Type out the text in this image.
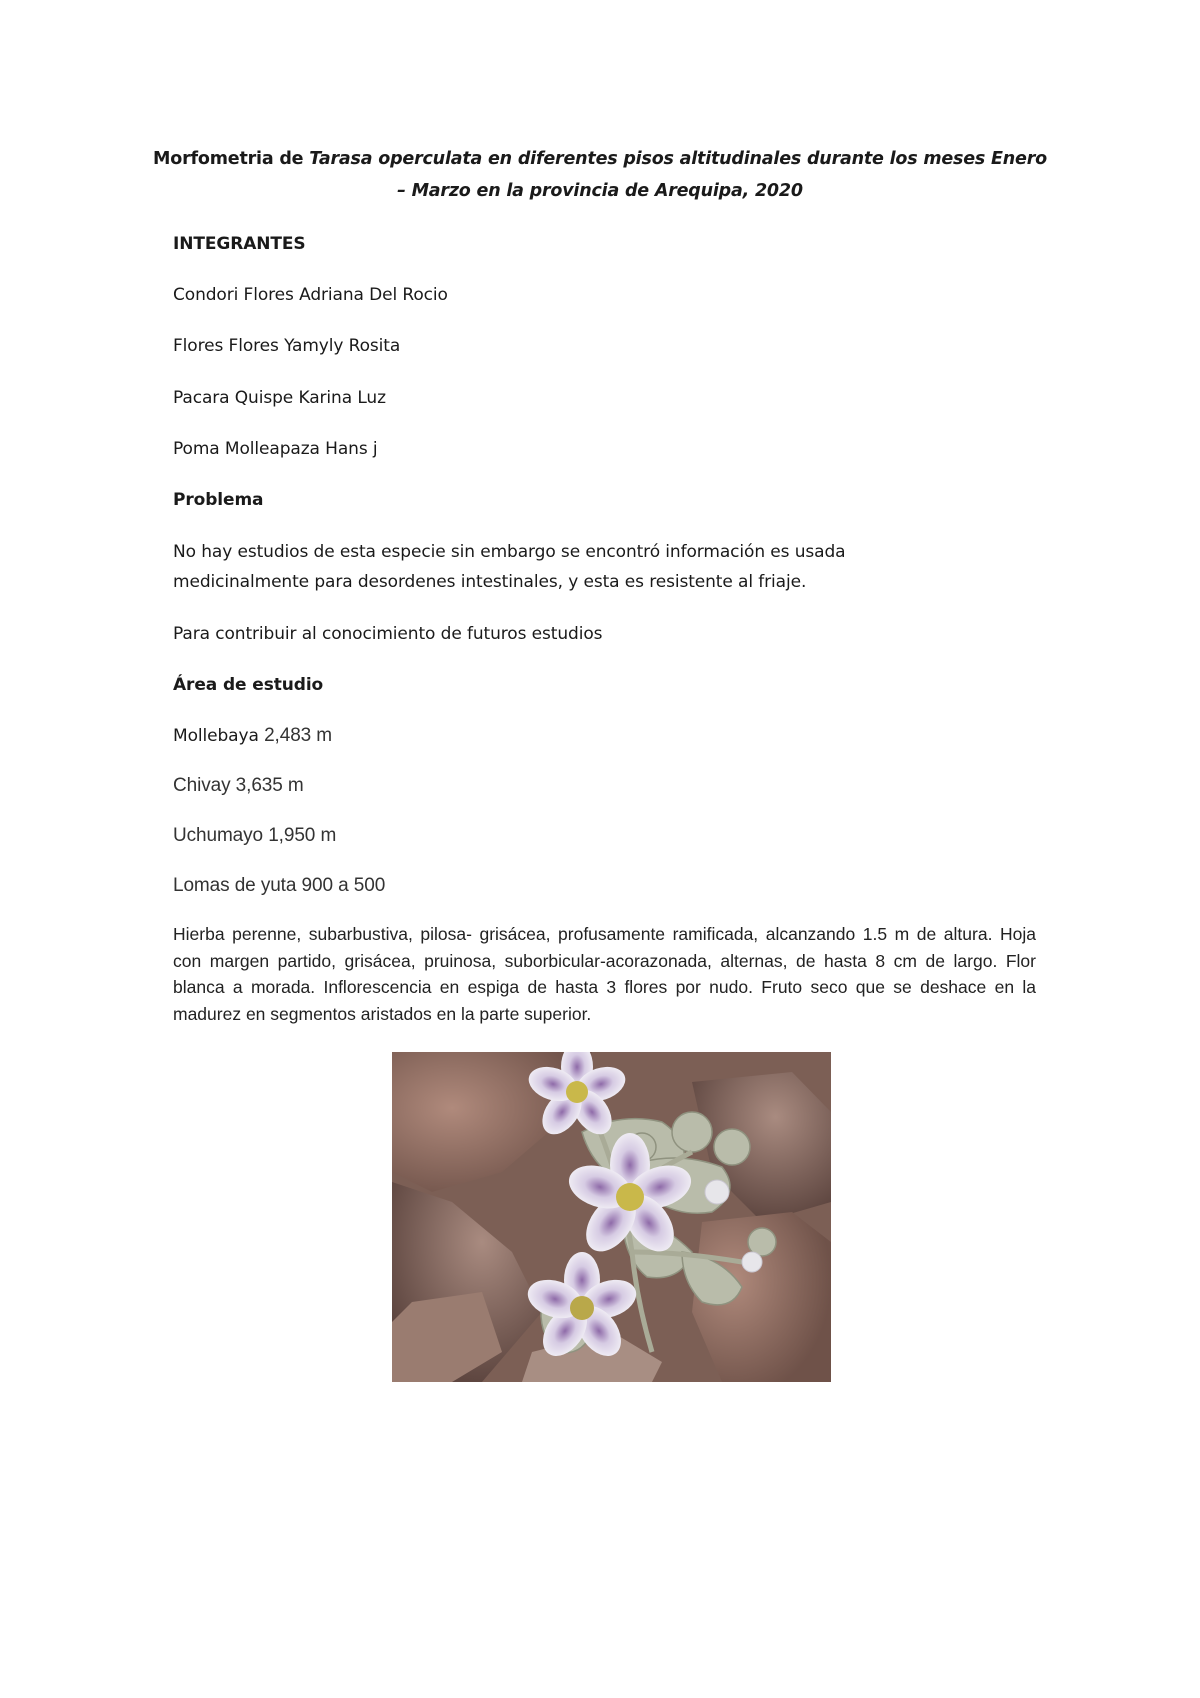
Morfometria de Tarasa operculata en diferentes pisos altitudinales durante los meses Enero
– Marzo en la provincia de Arequipa, 2020

INTEGRANTES

Condori Flores Adriana Del Rocio

Flores Flores Yamyly Rosita

Pacara Quispe Karina Luz

Poma Molleapaza Hans j

Problema

No hay estudios de esta especie sin embargo se encontró información es usada

medicinalmente para desordenes intestinales, y esta es resistente al friaje.

Para contribuir al conocimiento de futuros estudios

Área de estudio

Mollebaya 2,483 m

Chivay 3,635 m

Uchumayo 1,950 m

Lomas de yuta 900 a 500

Hierba perenne, subarbustiva, pilosa- grisácea, profusamente ramificada, alcanzando 1.5 m de altura. Hoja con margen partido, grisácea, pruinosa, suborbicular-acorazonada, alternas, de hasta 8 cm de largo. Flor blanca a morada. Inflorescencia en espiga de hasta 3 flores por nudo. Fruto seco que se deshace en la madurez en segmentos aristados en la parte superior.
